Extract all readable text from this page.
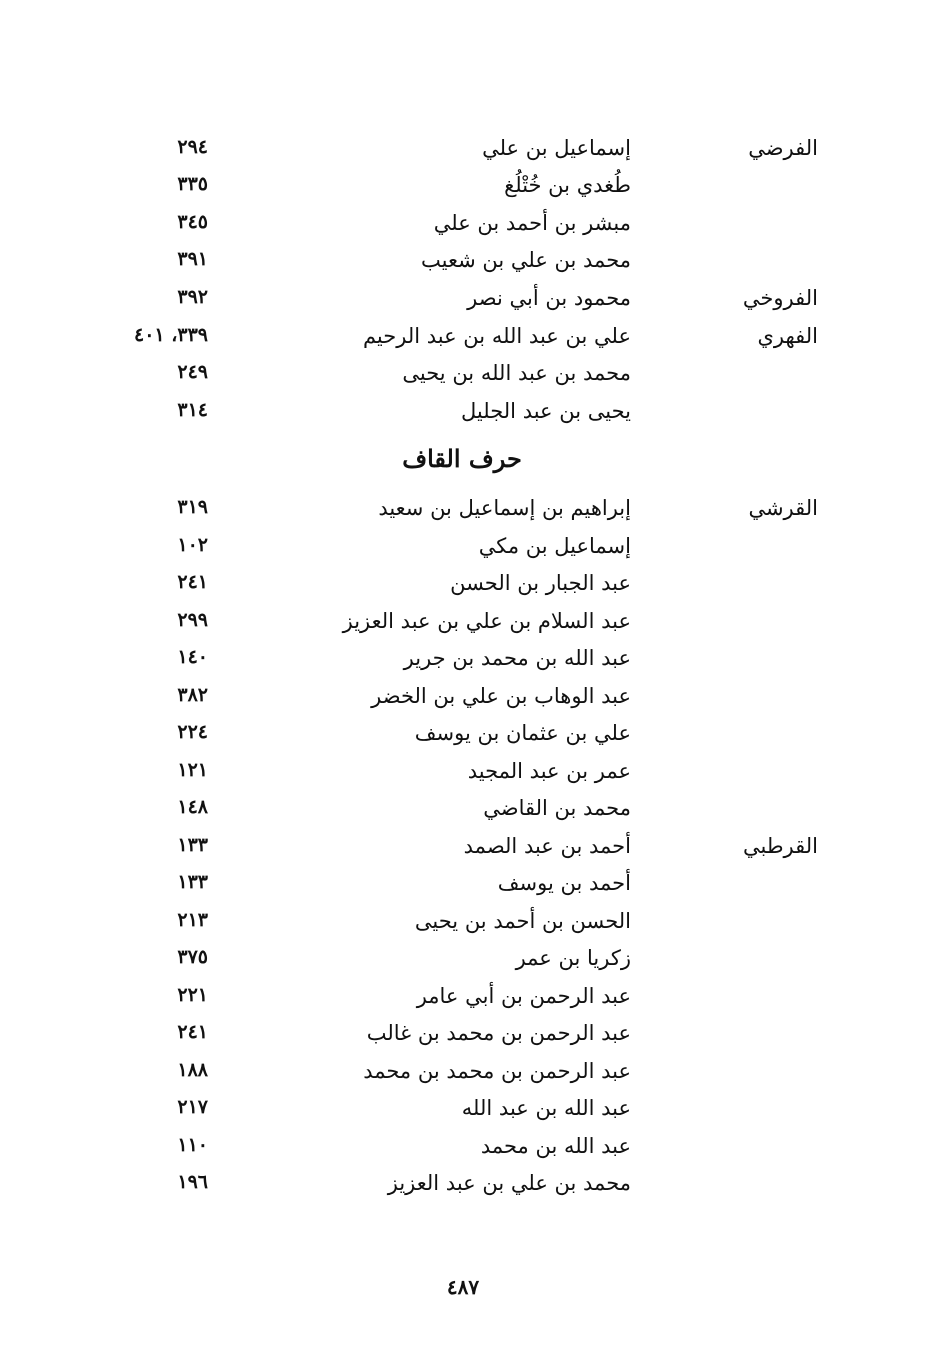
الفرضي
إسماعيل بن علي
٢٩٤
طُغدي بن خُتْلُغ
٣٣٥
مبشر بن أحمد بن علي
٣٤٥
محمد بن علي بن شعيب
٣٩١
الفروخي
محمود بن أبي نصر
٣٩٢
الفهري
علي بن عبد الله بن عبد الرحيم
٣٣٩، ٤٠١
محمد بن عبد الله بن يحيى
٢٤٩
يحيى بن عبد الجليل
٣١٤
حرف القاف
القرشي
إبراهيم بن إسماعيل بن سعيد
٣١٩
إسماعيل بن مكي
١٠٢
عبد الجبار بن الحسن
٢٤١
عبد السلام بن علي بن عبد العزيز
٢٩٩
عبد الله بن محمد بن جرير
١٤٠
عبد الوهاب بن علي بن الخضر
٣٨٢
علي بن عثمان بن يوسف
٢٢٤
عمر بن عبد المجيد
١٢١
محمد بن القاضي
١٤٨
القرطبي
أحمد بن عبد الصمد
١٣٣
أحمد بن يوسف
١٣٣
الحسن بن أحمد بن يحيى
٢١٣
زكريا بن عمر
٣٧٥
عبد الرحمن بن أبي عامر
٢٢١
عبد الرحمن بن محمد بن غالب
٢٤١
عبد الرحمن بن محمد بن محمد
١٨٨
عبد الله بن عبد الله
٢١٧
عبد الله بن محمد
١١٠
محمد بن علي بن عبد العزيز
١٩٦
٤٨٧
